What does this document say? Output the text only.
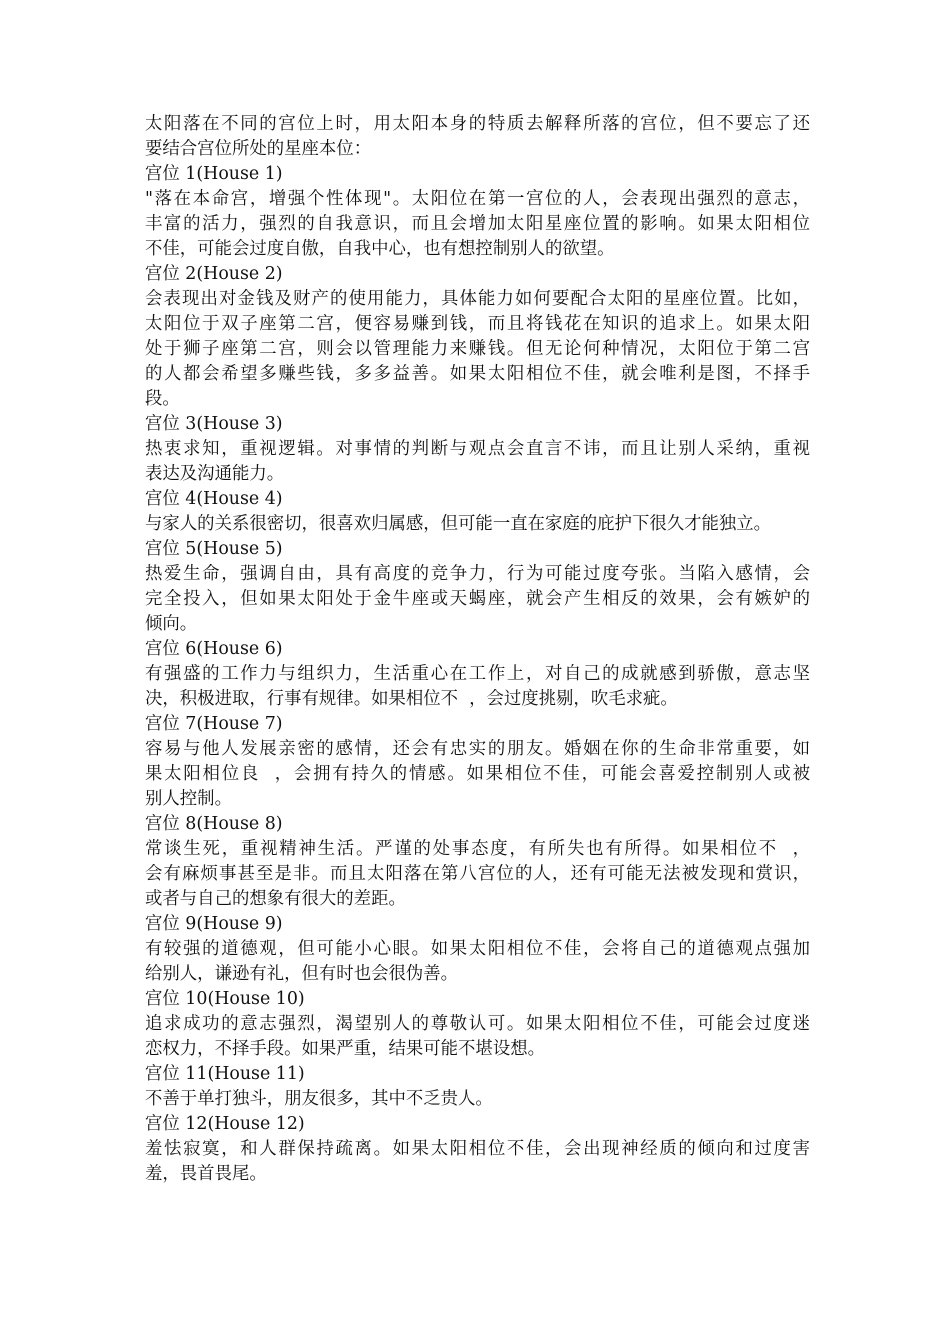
太阳落在不同的宫位上时，用太阳本身的特质去解释所落的宫位，但不要忘了还
要结合宫位所处的星座本位：
宫位 1(House 1)
"落在本命宫，增强个性体现"。太阳位在第一宫位的人，会表现出强烈的意志，
丰富的活力，强烈的自我意识，而且会增加太阳星座位置的影响。如果太阳相位
不佳，可能会过度自傲，自我中心，也有想控制别人的欲望。
宫位 2(House 2)
会表现出对金钱及财产的使用能力，具体能力如何要配合太阳的星座位置。比如，
太阳位于双子座第二宫，便容易赚到钱，而且将钱花在知识的追求上。如果太阳
处于狮子座第二宫，则会以管理能力来赚钱。但无论何种情况，太阳位于第二宫
的人都会希望多赚些钱，多多益善。如果太阳相位不佳，就会唯利是图，不择手
段。
宫位 3(House 3)
热衷求知，重视逻辑。对事情的判断与观点会直言不讳，而且让别人采纳，重视
表达及沟通能力。
宫位 4(House 4)
与家人的关系很密切，很喜欢归属感，但可能一直在家庭的庇护下很久才能独立。
宫位 5(House 5)
热爱生命，强调自由，具有高度的竞争力，行为可能过度夸张。当陷入感情，会
完全投入，但如果太阳处于金牛座或天蝎座，就会产生相反的效果，会有嫉妒的
倾向。
宫位 6(House 6)
有强盛的工作力与组织力，生活重心在工作上，对自己的成就感到骄傲，意志坚
决，积极进取，行事有规律。如果相位不  ，会过度挑剔，吹毛求疵。
宫位 7(House 7)
容易与他人发展亲密的感情，还会有忠实的朋友。婚姻在你的生命非常重要，如
果太阳相位良  ，会拥有持久的情感。如果相位不佳，可能会喜爱控制别人或被
别人控制。
宫位 8(House 8)
常谈生死，重视精神生活。严谨的处事态度，有所失也有所得。如果相位不  ，
会有麻烦事甚至是非。而且太阳落在第八宫位的人，还有可能无法被发现和赏识，
或者与自己的想象有很大的差距。
宫位 9(House 9)
有较强的道德观，但可能小心眼。如果太阳相位不佳，会将自己的道德观点强加
给别人，谦逊有礼，但有时也会很伪善。
宫位 10(House 10)
追求成功的意志强烈，渴望别人的尊敬认可。如果太阳相位不佳，可能会过度迷
恋权力，不择手段。如果严重，结果可能不堪设想。
宫位 11(House 11)
不善于单打独斗，朋友很多，其中不乏贵人。
宫位 12(House 12)
羞怯寂寞，和人群保持疏离。如果太阳相位不佳，会出现神经质的倾向和过度害
羞，畏首畏尾。
